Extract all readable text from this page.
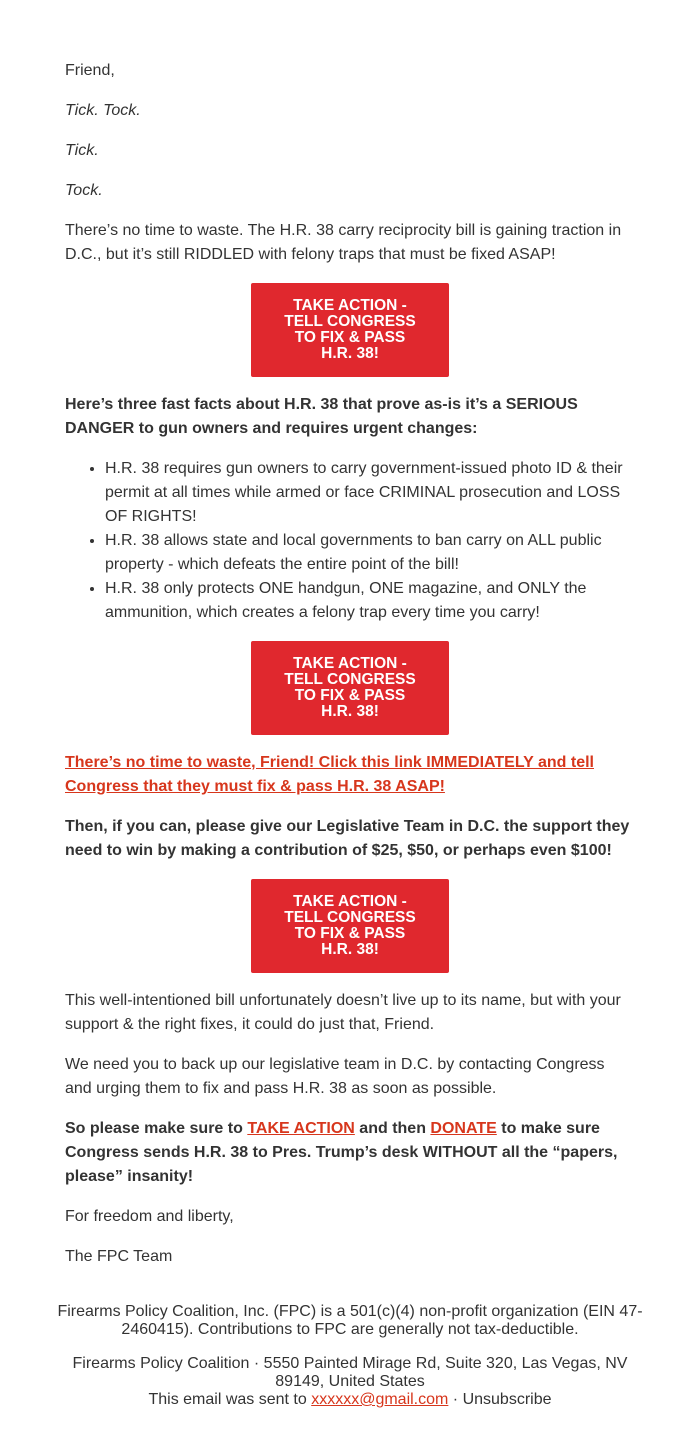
Friend,

Tick. Tock.

Tick.

Tock.

There’s no time to waste. The H.R. 38 carry reciprocity bill is gaining traction in D.C., but it’s still RIDDLED with felony traps that must be fixed ASAP!

TAKE ACTION -
TELL CONGRESS
TO FIX & PASS
H.R. 38!

Here’s three fast facts about H.R. 38 that prove as-is it’s a SERIOUS DANGER to gun owners and requires urgent changes:

• H.R. 38 requires gun owners to carry government-issued photo ID & their permit at all times while armed or face CRIMINAL prosecution and LOSS OF RIGHTS!
• H.R. 38 allows state and local governments to ban carry on ALL public property - which defeats the entire point of the bill!
• H.R. 38 only protects ONE handgun, ONE magazine, and ONLY the ammunition, which creates a felony trap every time you carry!
TAKE ACTION -
TELL CONGRESS
TO FIX & PASS
H.R. 38!

There’s no time to waste, Friend! Click this link IMMEDIATELY and tell Congress that they must fix & pass H.R. 38 ASAP!

Then, if you can, please give our Legislative Team in D.C. the support they need to win by making a contribution of $25, $50, or perhaps even $100!

TAKE ACTION -
TELL CONGRESS
TO FIX & PASS
H.R. 38!

This well-intentioned bill unfortunately doesn’t live up to its name, but with your support & the right fixes, it could do just that, Friend.

We need you to back up our legislative team in D.C. by contacting Congress and urging them to fix and pass H.R. 38 as soon as possible.

So please make sure to TAKE ACTION and then DONATE to make sure Congress sends H.R. 38 to Pres. Trump’s desk WITHOUT all the “papers, please” insanity!

For freedom and liberty,

The FPC Team

Firearms Policy Coalition, Inc. (FPC) is a 501(c)(4) non-profit organization (EIN 47-2460415). Contributions to FPC are generally not tax-deductible.

Firearms Policy Coalition · 5550 Painted Mirage Rd, Suite 320, Las Vegas, NV 89149, United States

This email was sent to xxxxxx@gmail.com · Unsubscribe
